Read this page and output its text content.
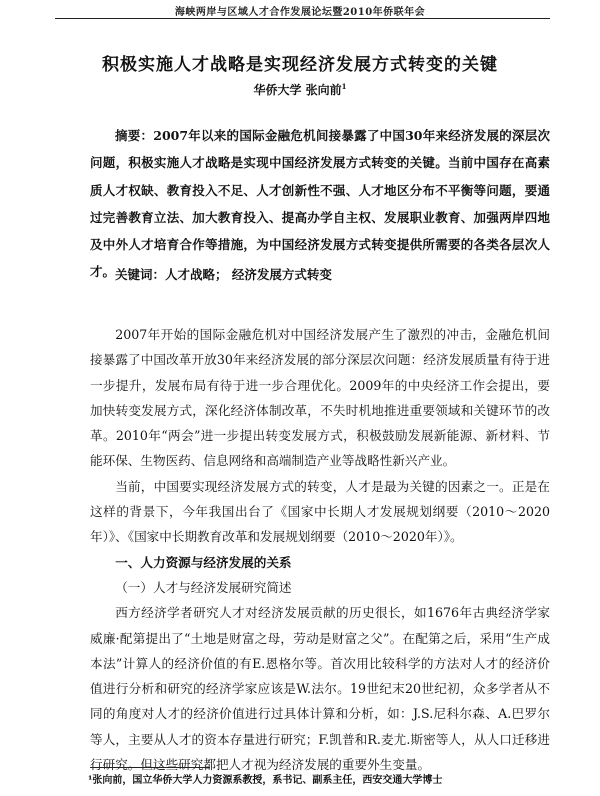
海峡两岸与区域人才合作发展论坛暨2010年侨联年会
积极实施人才战略是实现经济发展方式转变的关键
华侨大学 张向前$^1$

摘要：2007年以来的国际金融危机间接暴露了中国30年来经济发展的深层次问题，积极实施人才战略是实现中国经济发展方式转变的关键。当前中国存在高素质人才权缺、教育投入不足、人才创新性不强、人才地区分布不平衡等问题，要通过完善教育立法、加大教育投入、提高办学自主权、发展职业教育、加强两岸四地及中外人才培育合作等措施，为中国经济发展方式转变提供所需要的各类各层次人才。 关键词：人才战略； 经济发展方式转变

2007年开始的国际金融危机对中国经济发展产生了激烈的冲击，金融危机间接暴露了中国改革开放30年来经济发展的部分深层次问题：经济发展质量有待于进一步提升，发展布局有待于进一步合理优化。2009年的中央经济工作会提出，要加快转变发展方式，深化经济体制改革，不失时机地推进重要领域和关键环节的改革。2010年“两会”进一步提出转变发展方式，积极鼓励发展新能源、新材料、节能环保、生物医药、信息网络和高端制造产业等战略性新兴产业。

当前，中国要实现经济发展方式的转变，人才是最为关键的因素之一。正是在这样的背景下，今年我国出台了《国家中长期人才发展规划纲要（2010～2020年）》、《国家中长期教育改革和发展规划纲要（2010～2020年）》。

一、人力资源与经济发展的关系

（一）人才与经济发展研究简述

西方经济学者研究人才对经济发展贡献的历史很长，如1676年古典经济学家威廉·配第提出了“土地是财富之母，劳动是财富之父”。在配第之后，采用“生产成本法”计算人的经济价值的有E.恩格尔等。首次用比较科学的方法对人才的经济价值进行分析和研究的经济学家应该是W.法尔。19世纪末20世纪初，众多学者从不同的角度对人才的经济价值进行过具体计算和分析，如：J.S.尼科尔森、A.巴罗尔等人，主要从人才的资本存量进行研究；F.凯普和R.麦尤.斯密等人，从人口迁移进行研究。但这些研究都把人才视为经济发展的重要外生变量。

¹张向前，国立华侨大学人力资源系教授，系书记、副系主任，西安交通大学博士
